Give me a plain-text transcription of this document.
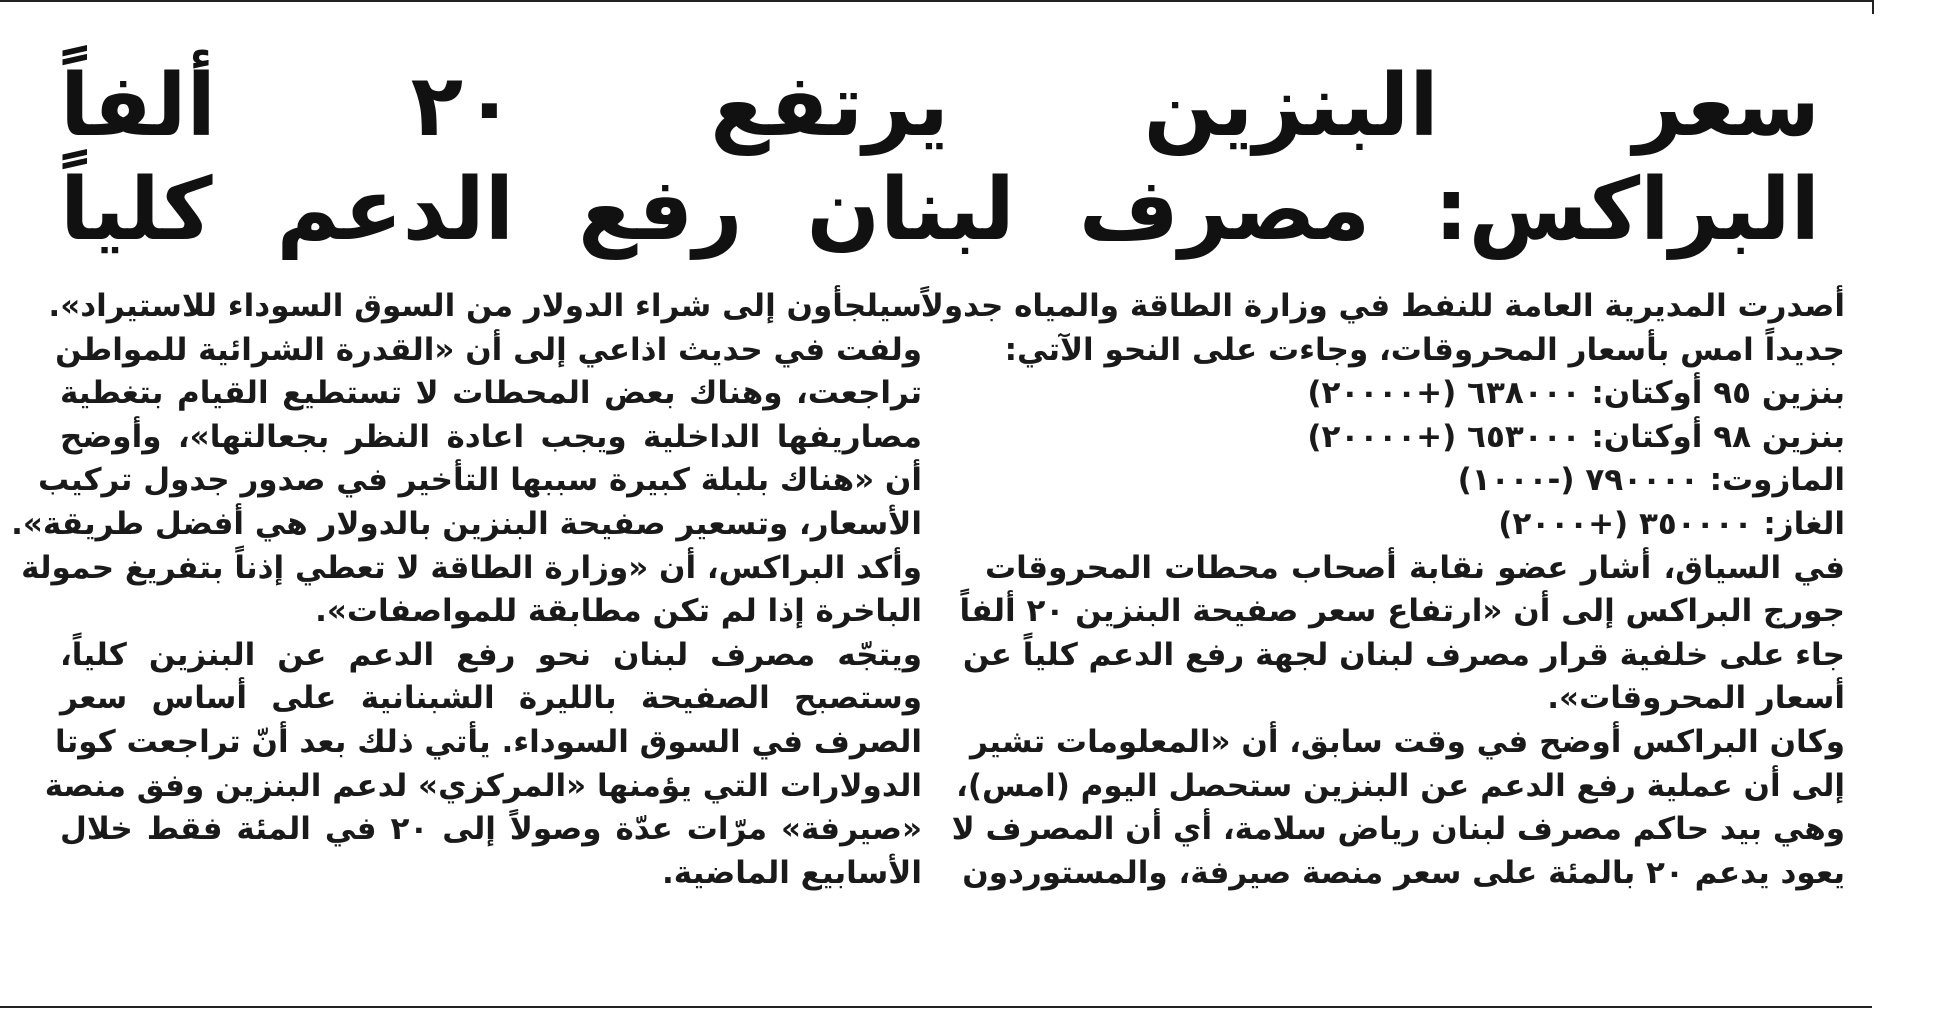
سعر البنزين يرتفع ٢٠ ألفاً
البراكس: مصرف لبنان رفع الدعم كلياً
أصدرت المديرية العامة للنفط في وزارة الطاقة والمياه جدولاً
جديداً امس بأسعار المحروقات، وجاءت على النحو الآتي:
بنزين ٩٥ أوكتان: ٦٣٨٠٠٠ (+٢٠٠٠٠)
بنزين ٩٨ أوكتان: ٦٥٣٠٠٠ (+٢٠٠٠٠)
المازوت: ٧٩٠٠٠٠ (-١٠٠٠)
الغاز: ٣٥٠٠٠٠ (+٢٠٠٠)
في السياق، أشار عضو نقابة أصحاب محطات المحروقات
جورج البراكس إلى أن «ارتفاع سعر صفيحة البنزين ٢٠ ألفاً
جاء على خلفية قرار مصرف لبنان لجهة رفع الدعم كلياً عن
أسعار المحروقات».
وكان البراكس أوضح في وقت سابق، أن «المعلومات تشير
إلى أن عملية رفع الدعم عن البنزين ستحصل اليوم (امس)،
وهي بيد حاكم مصرف لبنان رياض سلامة، أي أن المصرف لا
يعود يدعم ٢٠ بالمئة على سعر منصة صيرفة، والمستوردون
سيلجأون إلى شراء الدولار من السوق السوداء للاستيراد».
ولفت في حديث اذاعي إلى أن «القدرة الشرائية للمواطن
تراجعت، وهناك بعض المحطات لا تستطيع القيام بتغطية
مصاريفها الداخلية ويجب اعادة النظر بجعالتها»، وأوضح
أن «هناك بلبلة كبيرة سببها التأخير في صدور جدول تركيب
الأسعار، وتسعير صفيحة البنزين بالدولار هي أفضل طريقة».
وأكد البراكس، أن «وزارة الطاقة لا تعطي إذناً بتفريغ حمولة
الباخرة إذا لم تكن مطابقة للمواصفات».
ويتجّه مصرف لبنان نحو رفع الدعم عن البنزين كلياً،
وستصبح الصفيحة بالليرة الشبنانية على أساس سعر
الصرف في السوق السوداء. يأتي ذلك بعد أنّ تراجعت كوتا
الدولارات التي يؤمنها «المركزي» لدعم البنزين وفق منصة
«صيرفة» مرّات عدّة وصولاً إلى ٢٠ في المئة فقط خلال
الأسابيع الماضية.
